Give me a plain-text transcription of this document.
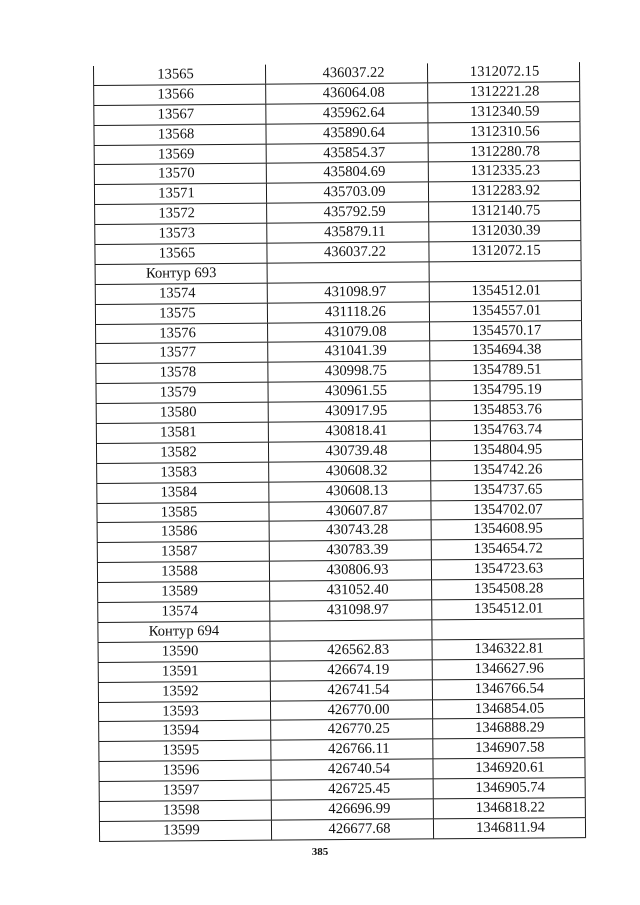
13565	436037.22	1312072.15
13566	436064.08	1312221.28
13567	435962.64	1312340.59
13568	435890.64	1312310.56
13569	435854.37	1312280.78
13570	435804.69	1312335.23
13571	435703.09	1312283.92
13572	435792.59	1312140.75
13573	435879.11	1312030.39
13565	436037.22	1312072.15
Контур 693
13574	431098.97	1354512.01
13575	431118.26	1354557.01
13576	431079.08	1354570.17
13577	431041.39	1354694.38
13578	430998.75	1354789.51
13579	430961.55	1354795.19
13580	430917.95	1354853.76
13581	430818.41	1354763.74
13582	430739.48	1354804.95
13583	430608.32	1354742.26
13584	430608.13	1354737.65
13585	430607.87	1354702.07
13586	430743.28	1354608.95
13587	430783.39	1354654.72
13588	430806.93	1354723.63
13589	431052.40	1354508.28
13574	431098.97	1354512.01
Контур 694
13590	426562.83	1346322.81
13591	426674.19	1346627.96
13592	426741.54	1346766.54
13593	426770.00	1346854.05
13594	426770.25	1346888.29
13595	426766.11	1346907.58
13596	426740.54	1346920.61
13597	426725.45	1346905.74
13598	426696.99	1346818.22
13599	426677.68	1346811.94
385
